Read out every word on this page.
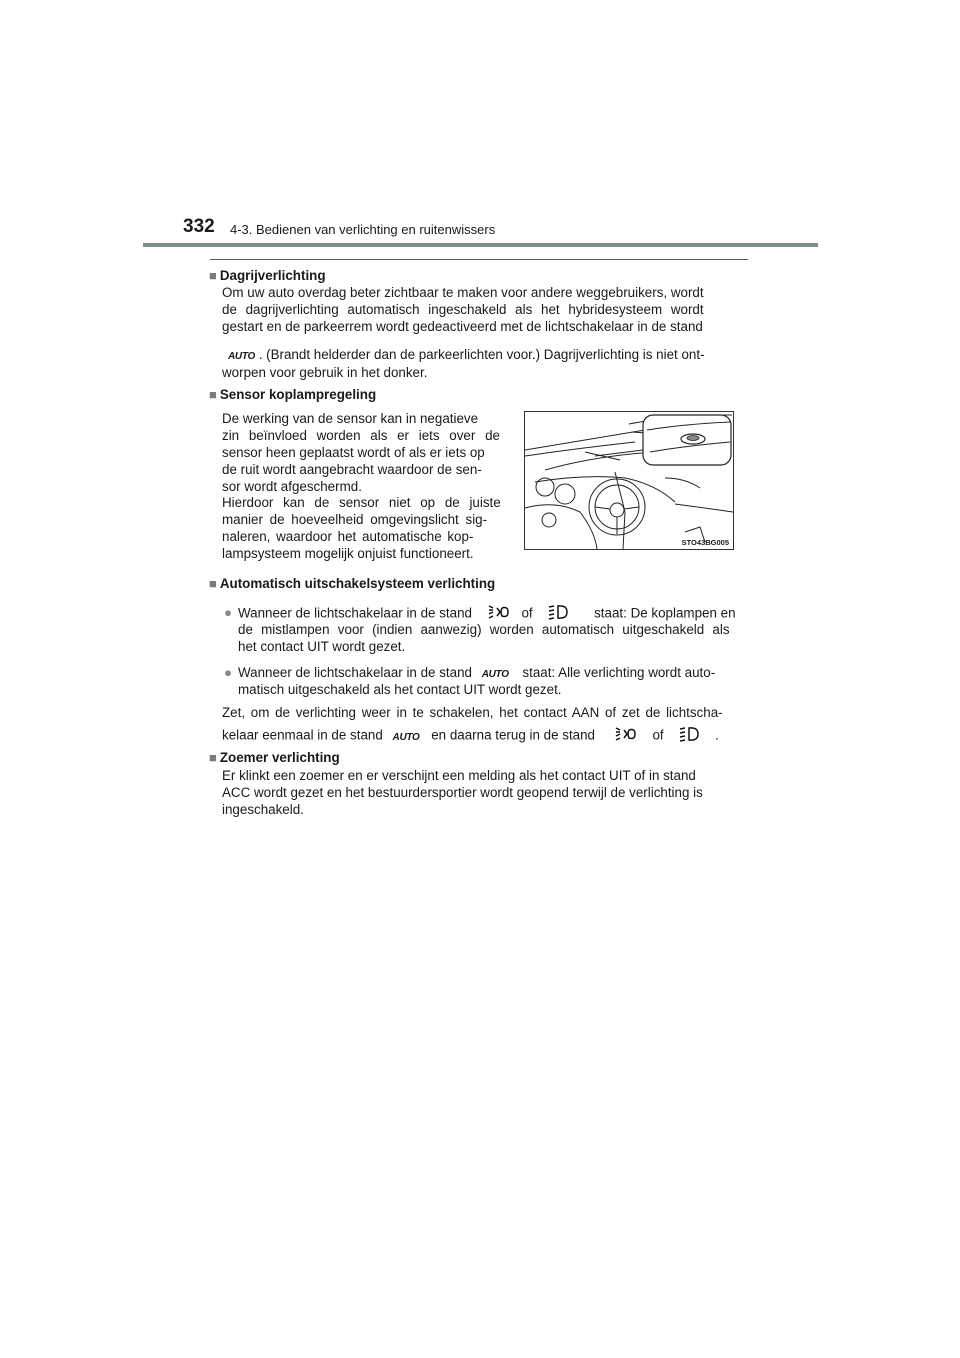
332 4-3. Bedienen van verlichting en ruitenwissers
■ Dagrijverlichting
Om uw auto overdag beter zichtbaar te maken voor andere weggebruikers, wordt
de dagrijverlichting automatisch ingeschakeld als het hybridesysteem wordt
gestart en de parkeerrem wordt gedeactiveerd met de lichtschakelaar in de stand
AUTO . (Brandt helderder dan de parkeerlichten voor.) Dagrijverlichting is niet ont-
worpen voor gebruik in het donker.
■ Sensor koplampregeling
De werking van de sensor kan in negatieve
zin beïnvloed worden als er iets over de
sensor heen geplaatst wordt of als er iets op
de ruit wordt aangebracht waardoor de sen-
sor wordt afgeschermd.
Hierdoor kan de sensor niet op de juiste
manier de hoeveelheid omgevingslicht sig-
naleren, waardoor het automatische kop-
lampsysteem mogelijk onjuist functioneert.
STO43BG005
■ Automatisch uitschakelsysteem verlichting
● Wanneer de lichtschakelaar in de stand	of	staat: De koplampen en
de mistlampen voor (indien aanwezig) worden automatisch uitgeschakeld als
het contact UIT wordt gezet.
● Wanneer de lichtschakelaar in de stand AUTO staat: Alle verlichting wordt auto-
matisch uitgeschakeld als het contact UIT wordt gezet.
Zet, om de verlichting weer in te schakelen, het contact AAN of zet de lichtscha-
kelaar eenmaal in de stand AUTO en daarna terug in de stand	of	.
■ Zoemer verlichting
Er klinkt een zoemer en er verschijnt een melding als het contact UIT of in stand
ACC wordt gezet en het bestuurdersportier wordt geopend terwijl de verlichting is
ingeschakeld.
